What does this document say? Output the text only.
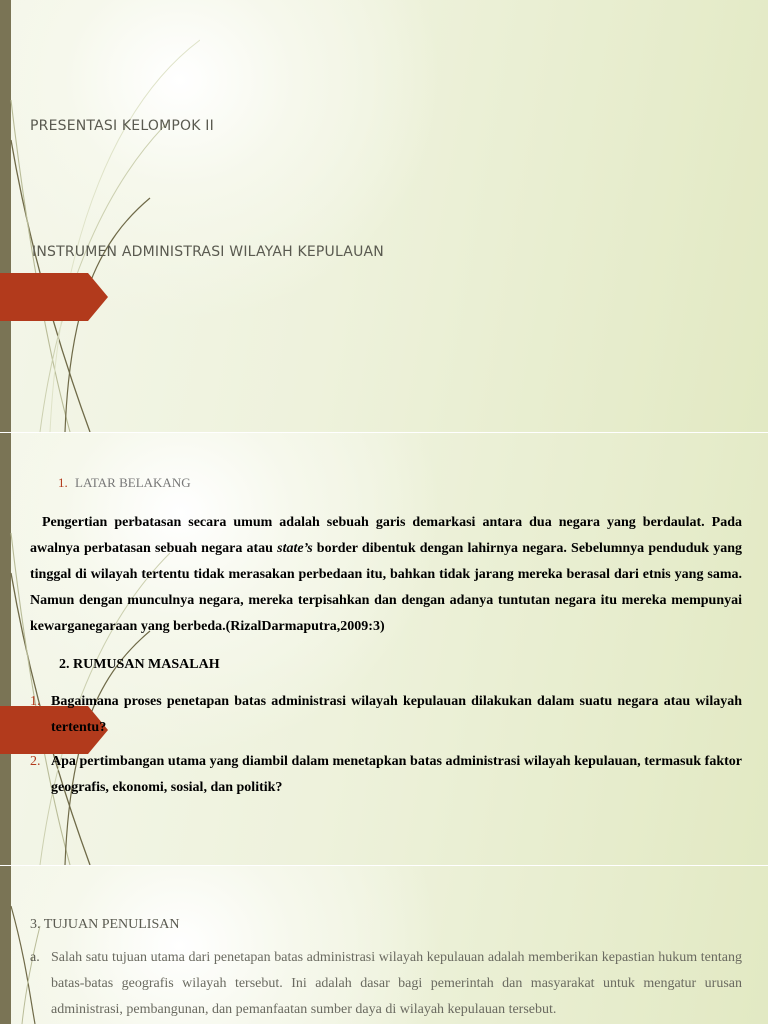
PRESENTASI KELOMPOK II
INSTRUMEN ADMINISTRASI WILAYAH KEPULAUAN
1. LATAR BELAKANG
Pengertian perbatasan secara umum adalah sebuah garis demarkasi antara dua negara yang berdaulat. Pada awalnya perbatasan sebuah negara atau state’s border dibentuk dengan lahirnya negara. Sebelumnya penduduk yang tinggal di wilayah tertentu tidak merasakan perbedaan itu, bahkan tidak jarang mereka berasal dari etnis yang sama. Namun dengan munculnya negara, mereka terpisahkan dan dengan adanya tuntutan negara itu mereka mempunyai kewarganegaraan yang berbeda.(RizalDarmaputra,2009:3)
2. RUMUSAN MASALAH
1. Bagaimana proses penetapan batas administrasi wilayah kepulauan dilakukan dalam suatu negara atau wilayah tertentu?
2. Apa pertimbangan utama yang diambil dalam menetapkan batas administrasi wilayah kepulauan, termasuk faktor geografis, ekonomi, sosial, dan politik?
3. TUJUAN PENULISAN
a. Salah satu tujuan utama dari penetapan batas administrasi wilayah kepulauan adalah memberikan kepastian hukum tentang batas-batas geografis wilayah tersebut. Ini adalah dasar bagi pemerintah dan masyarakat untuk mengatur urusan administrasi, pembangunan, dan pemanfaatan sumber daya di wilayah kepulauan tersebut.
